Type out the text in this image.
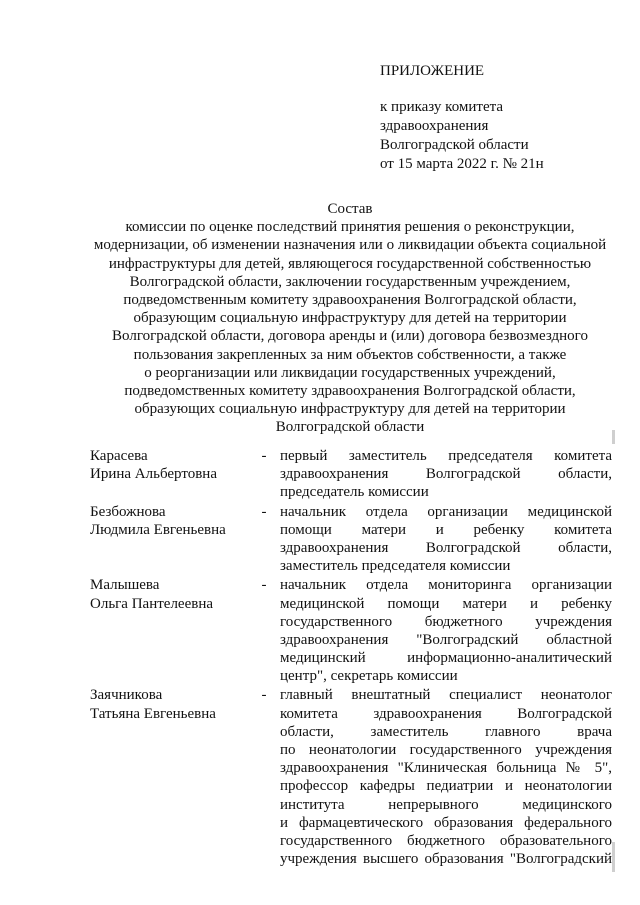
ПРИЛОЖЕНИЕ
к приказу комитета
здравоохранения
Волгоградской области
от 15 марта 2022 г. № 21н
Состав
комиссии по оценке последствий принятия решения о реконструкции,
модернизации, об изменении назначения или о ликвидации объекта социальной
инфраструктуры для детей, являющегося государственной собственностью
Волгоградской области, заключении государственным учреждением,
подведомственным комитету здравоохранения Волгоградской области,
образующим социальную инфраструктуру для детей на территории
Волгоградской области, договора аренды и (или) договора безвозмездного
пользования закрепленных за ним объектов собственности, а также
о реорганизации или ликвидации государственных учреждений,
подведомственных комитету здравоохранения Волгоградской области,
образующих социальную инфраструктуру для детей на территории
Волгоградской области
Карасева
Ирина Альбертовна
- первый заместитель председателя комитета
здравоохранения Волгоградской области,
председатель комиссии
Безбожнова
Людмила Евгеньевна
- начальник отдела организации медицинской
помощи матери и ребенку комитета
здравоохранения Волгоградской области,
заместитель председателя комиссии
Малышева
Ольга Пантелеевна
- начальник отдела мониторинга организации
медицинской помощи матери и ребенку
государственного бюджетного учреждения
здравоохранения "Волгоградский областной
медицинский информационно-аналитический
центр", секретарь комиссии
Заячникова
Татьяна Евгеньевна
- главный внештатный специалист неонатолог
комитета здравоохранения Волгоградской
области, заместитель главного врача
по неонатологии государственного учреждения
здравоохранения "Клиническая больница № 5",
профессор кафедры педиатрии и неонатологии
института непрерывного медицинского
и фармацевтического образования федерального
государственного бюджетного образовательного
учреждения высшего образования "Волгоградский
